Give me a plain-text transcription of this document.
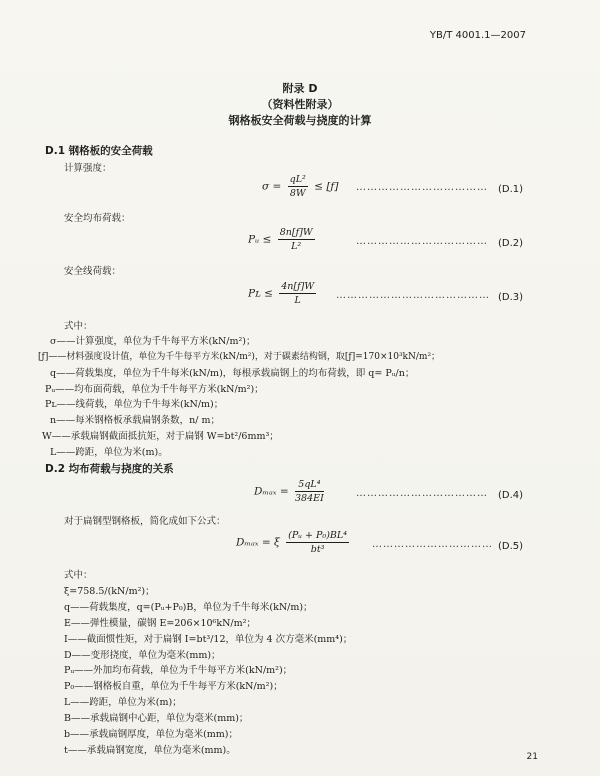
YB/T 4001.1—2007
附录 D
（资料性附录）
钢格板安全荷载与挠度的计算
D.1 钢格板的安全荷载
计算强度：
$\sigma = \frac{\text{qL²}}{8W}$ ≤ [ƒ] ……………………………… (D.1)
安全均布荷载：
Pᵤ ≤ $\frac{8n[ƒ]W}{\text{L²}}$	……………………………… (D.2)
安全线荷载：
Pʟ ≤ $\frac{4n[ƒ]W}{L}$ …………………………………… (D.3)
式中：
σ——计算强度，单位为千牛每平方米(kN/m²)；
[ƒ]——材料强度设计值，单位为千牛每平方米(kN/m²)，对于碳素结构钢，取[ƒ]=170×10³kN/m²；
q——荷载集度，单位为千牛每米(kN/m)，每根承载扁钢上的均布荷载，即 q= Pᵤ/n；
Pᵤ——均布面荷载，单位为千牛每平方米(kN/m²)；
Pʟ——线荷载，单位为千牛每米(kN/m)；
n——每米钢格板承载扁钢条数，n/ m；
W——承载扁钢截面抵抗矩，对于扁钢 W=bt²/6mm³；
L——跨距，单位为米(m)。
D.2 均布荷载与挠度的关系
$D_{max} = \frac{\text{5qL⁴}}{384EI}$	……………………………… (D.4)
对于扁钢型钢格板，简化成如下公式：
Dₘₐₓ = ξ $\frac{\text{(Pᵤ + P₀)BL⁴}}{\text{bt³}}$ …………………………… (D.5)
式中：
ξ=758.5/(kN/m²)；
q——荷载集度，q=(Pᵤ+P₀)B，单位为千牛每米(kN/m)；
E——弹性模量，碳钢 E=206×10⁶kN/m²；
I——截面惯性矩，对于扁钢 I=bt³/12，单位为 4 次方毫米(mm⁴)；
D——变形挠度，单位为毫米(mm)；
Pᵤ——外加均布荷载，单位为千牛每平方米(kN/m²)；
P₀——钢格板自重，单位为千牛每平方米(kN/m²)；
L——跨距，单位为米(m)；
B——承载扁钢中心距，单位为毫米(mm)；
b——承载扁钢厚度，单位为毫米(mm)；
t——承载扁钢宽度，单位为毫米(mm)。
21
